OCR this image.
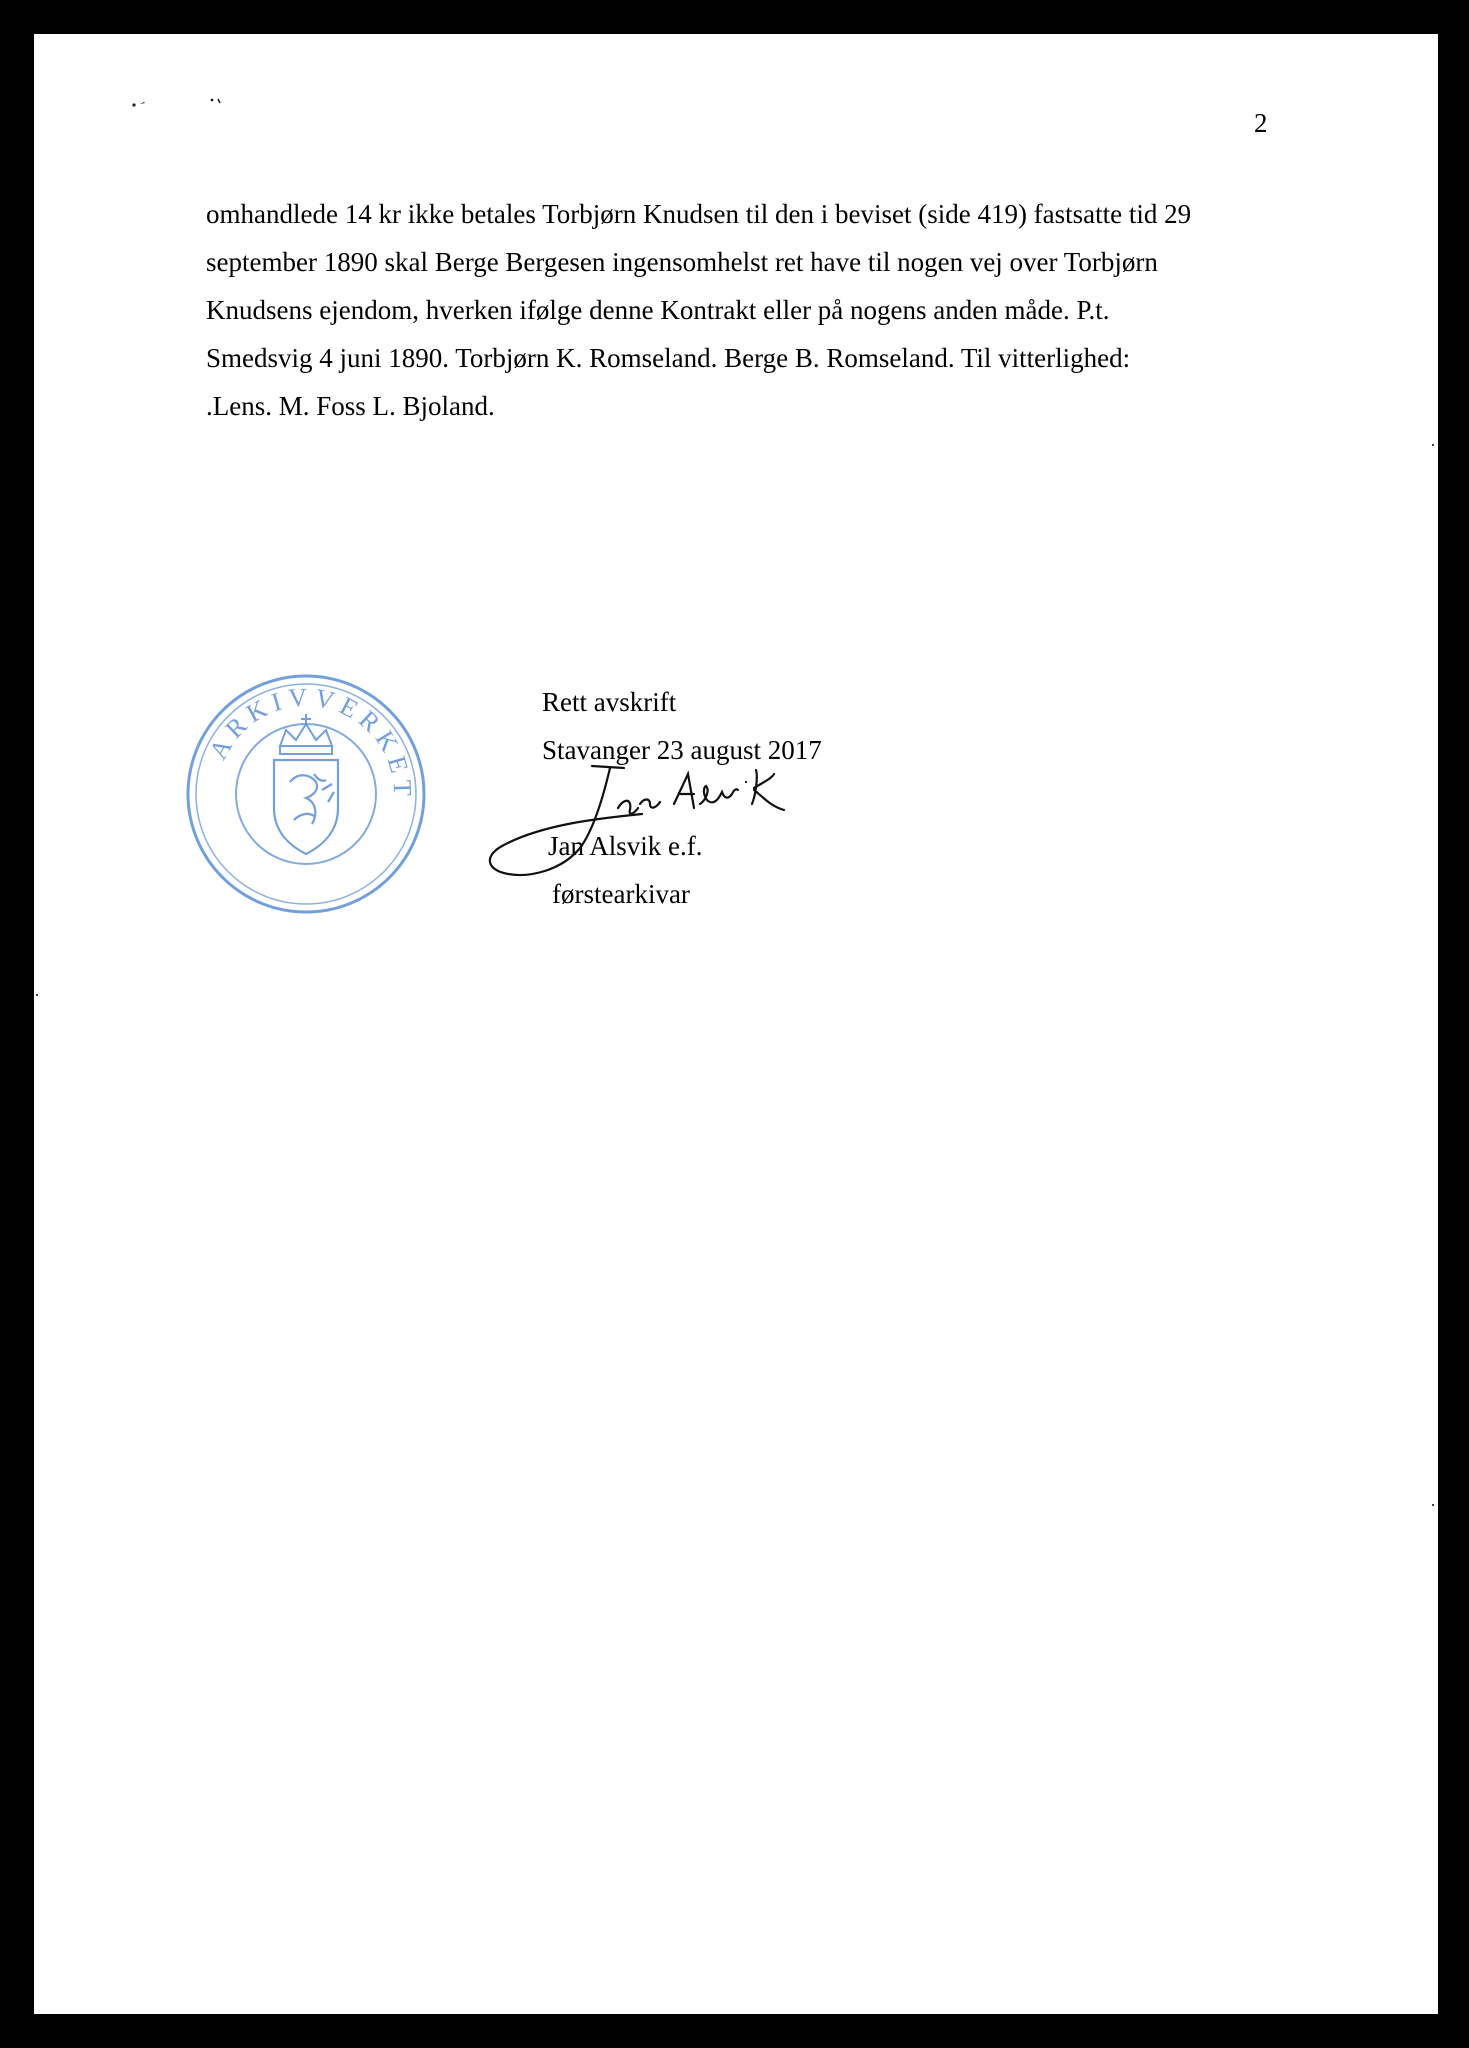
2
omhandlede 14 kr ikke betales Torbjørn Knudsen til den i beviset (side 419) fastsatte tid 29
september 1890 skal Berge Bergesen ingensomhelst ret have til nogen vej over Torbjørn
Knudsens ejendom, hverken ifølge denne Kontrakt eller på nogens anden måde. P.t.
Smedsvig 4 juni 1890. Torbjørn K. Romseland. Berge B. Romseland. Til vitterlighed:
.Lens. M. Foss L. Bjoland.
ARKIVVERKET
Rett avskrift
Stavanger 23 august 2017

Jan Alsvik e.f.
førstearkivar
